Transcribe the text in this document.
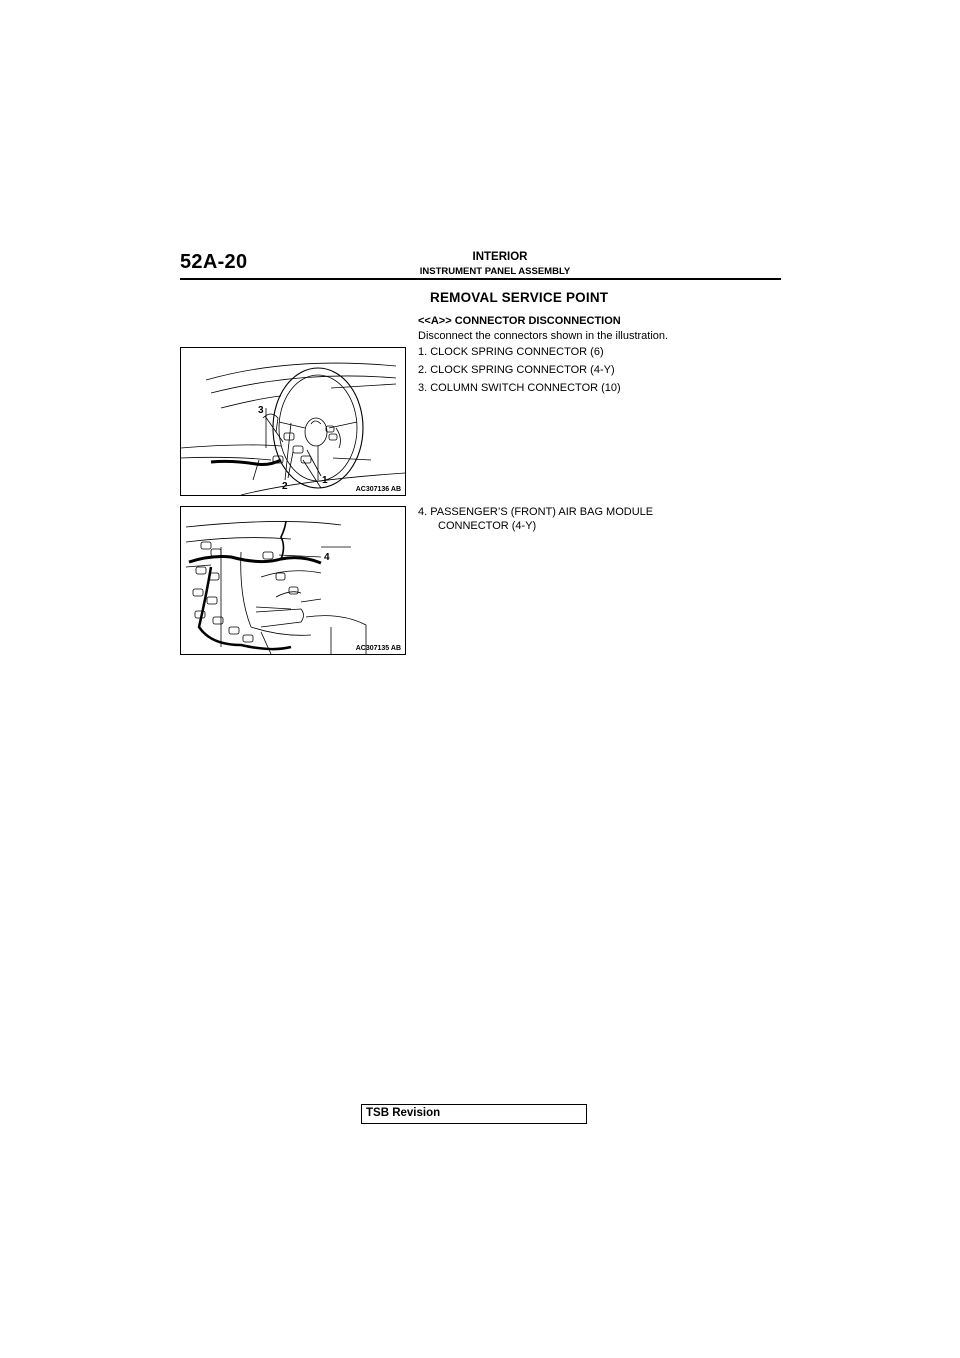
52A-20	INTERIOR
INSTRUMENT PANEL ASSEMBLY
REMOVAL SERVICE POINT
<<A>> CONNECTOR DISCONNECTION
Disconnect the connectors shown in the illustration.
1. CLOCK SPRING CONNECTOR (6)
2. CLOCK SPRING CONNECTOR (4-Y)
3. COLUMN SWITCH CONNECTOR (10)
4. PASSENGER’S (FRONT) AIR BAG MODULE
CONNECTOR (4-Y)
3
2
1
AC307136 AB
4
AC307135 AB
TSB Revision
